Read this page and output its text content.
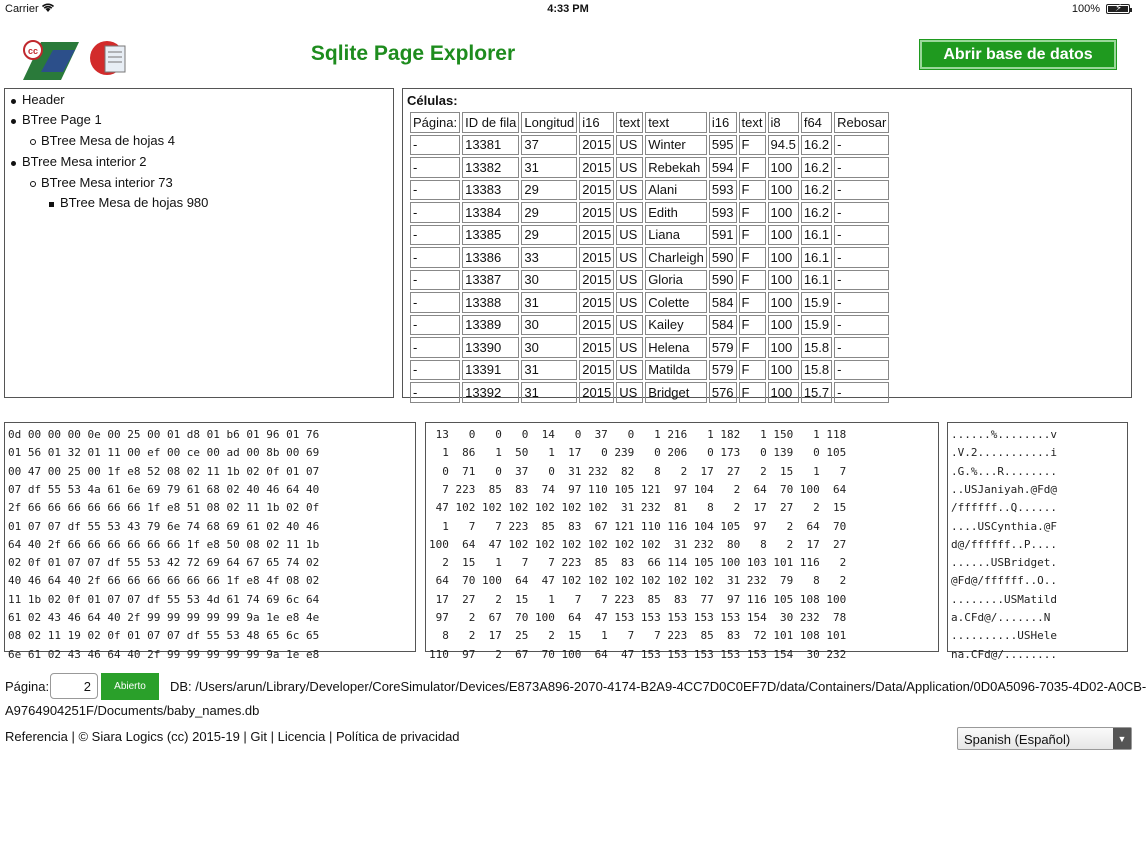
Carrier	4:33 PM	100% ⚡
cc	Sqlite Page Explorer	Abrir base de datos
Header
BTree Page 1
BTree Mesa de hojas 4
BTree Mesa interior 2
BTree Mesa interior 73
BTree Mesa de hojas 980
Células:
Página:	ID de fila	Longitud	i16	text	text	i16	text	i8	f64	Rebosar
-	13381	37	2015	US	Winter	595	F	94.5	16.2	-
-	13382	31	2015	US	Rebekah	594	F	100	16.2	-
-	13383	29	2015	US	Alani	593	F	100	16.2	-
-	13384	29	2015	US	Edith	593	F	100	16.2	-
-	13385	29	2015	US	Liana	591	F	100	16.1	-
-	13386	33	2015	US	Charleigh	590	F	100	16.1	-
-	13387	30	2015	US	Gloria	590	F	100	16.1	-
-	13388	31	2015	US	Colette	584	F	100	15.9	-
-	13389	30	2015	US	Kailey	584	F	100	15.9	-
-	13390	30	2015	US	Helena	579	F	100	15.8	-
-	13391	31	2015	US	Matilda	579	F	100	15.8	-
-	13392	31	2015	US	Bridget	576	F	100	15.7	-
0d 00 00 00 0e 00 25 00 01 d8 01 b6 01 96 01 76
01 56 01 32 01 11 00 ef 00 ce 00 ad 00 8b 00 69
00 47 00 25 00 1f e8 52 08 02 11 1b 02 0f 01 07
07 df 55 53 4a 61 6e 69 79 61 68 02 40 46 64 40
2f 66 66 66 66 66 66 1f e8 51 08 02 11 1b 02 0f
01 07 07 df 55 53 43 79 6e 74 68 69 61 02 40 46
64 40 2f 66 66 66 66 66 66 1f e8 50 08 02 11 1b
02 0f 01 07 07 df 55 53 42 72 69 64 67 65 74 02
40 46 64 40 2f 66 66 66 66 66 66 1f e8 4f 08 02
11 1b 02 0f 01 07 07 df 55 53 4d 61 74 69 6c 64
61 02 43 46 64 40 2f 99 99 99 99 99 9a 1e e8 4e
08 02 11 19 02 0f 01 07 07 df 55 53 48 65 6c 65
6e 61 02 43 46 64 40 2f 99 99 99 99 99 9a 1e e8
13   0   0   0  14   0  37   0   1 216   1 182   1 150   1 118
1  86   1  50   1  17   0 239   0 206   0 173   0 139   0 105
0  71   0  37   0  31 232  82   8   2  17  27   2  15   1   7
7 223  85  83  74  97 110 105 121  97 104   2  64  70 100  64
47 102 102 102 102 102 102  31 232  81   8   2  17  27   2  15
1   7   7 223  85  83  67 121 110 116 104 105  97   2  64  70
100  64  47 102 102 102 102 102 102  31 232  80   8   2  17  27
2  15   1   7   7 223  85  83  66 114 105 100 103 101 116   2
64  70 100  64  47 102 102 102 102 102 102  31 232  79   8   2
17  27   2  15   1   7   7 223  85  83  77  97 116 105 108 100
97   2  67  70 100  64  47 153 153 153 153 153 154  30 232  78
8   2  17  25   2  15   1   7   7 223  85  83  72 101 108 101
110  97   2  67  70 100  64  47 153 153 153 153 153 154  30 232
......%........v
.V.2...........i
.G.%...R........
..USJaniyah.@Fd@
/ffffff..Q......
....USCynthia.@F
d@/ffffff..P....
......USBridget.
@Fd@/ffffff..O..
........USMatild
a.CFd@/.......N
..........USHele
na.CFd@/........
Página:	2	Abierto	DB: /Users/arun/Library/Developer/CoreSimulator/Devices/E873A896-2070-4174-B2A9-4CC7D0C0EF7D/data/Containers/Data/Application/0D0A5096-7035-4D02-A0CB-
A9764904251F/Documents/baby_names.db
Referencia | © Siara Logics (cc) 2015-19 | Git | Licencia | Política de privacidad	Spanish (Español)	▼
